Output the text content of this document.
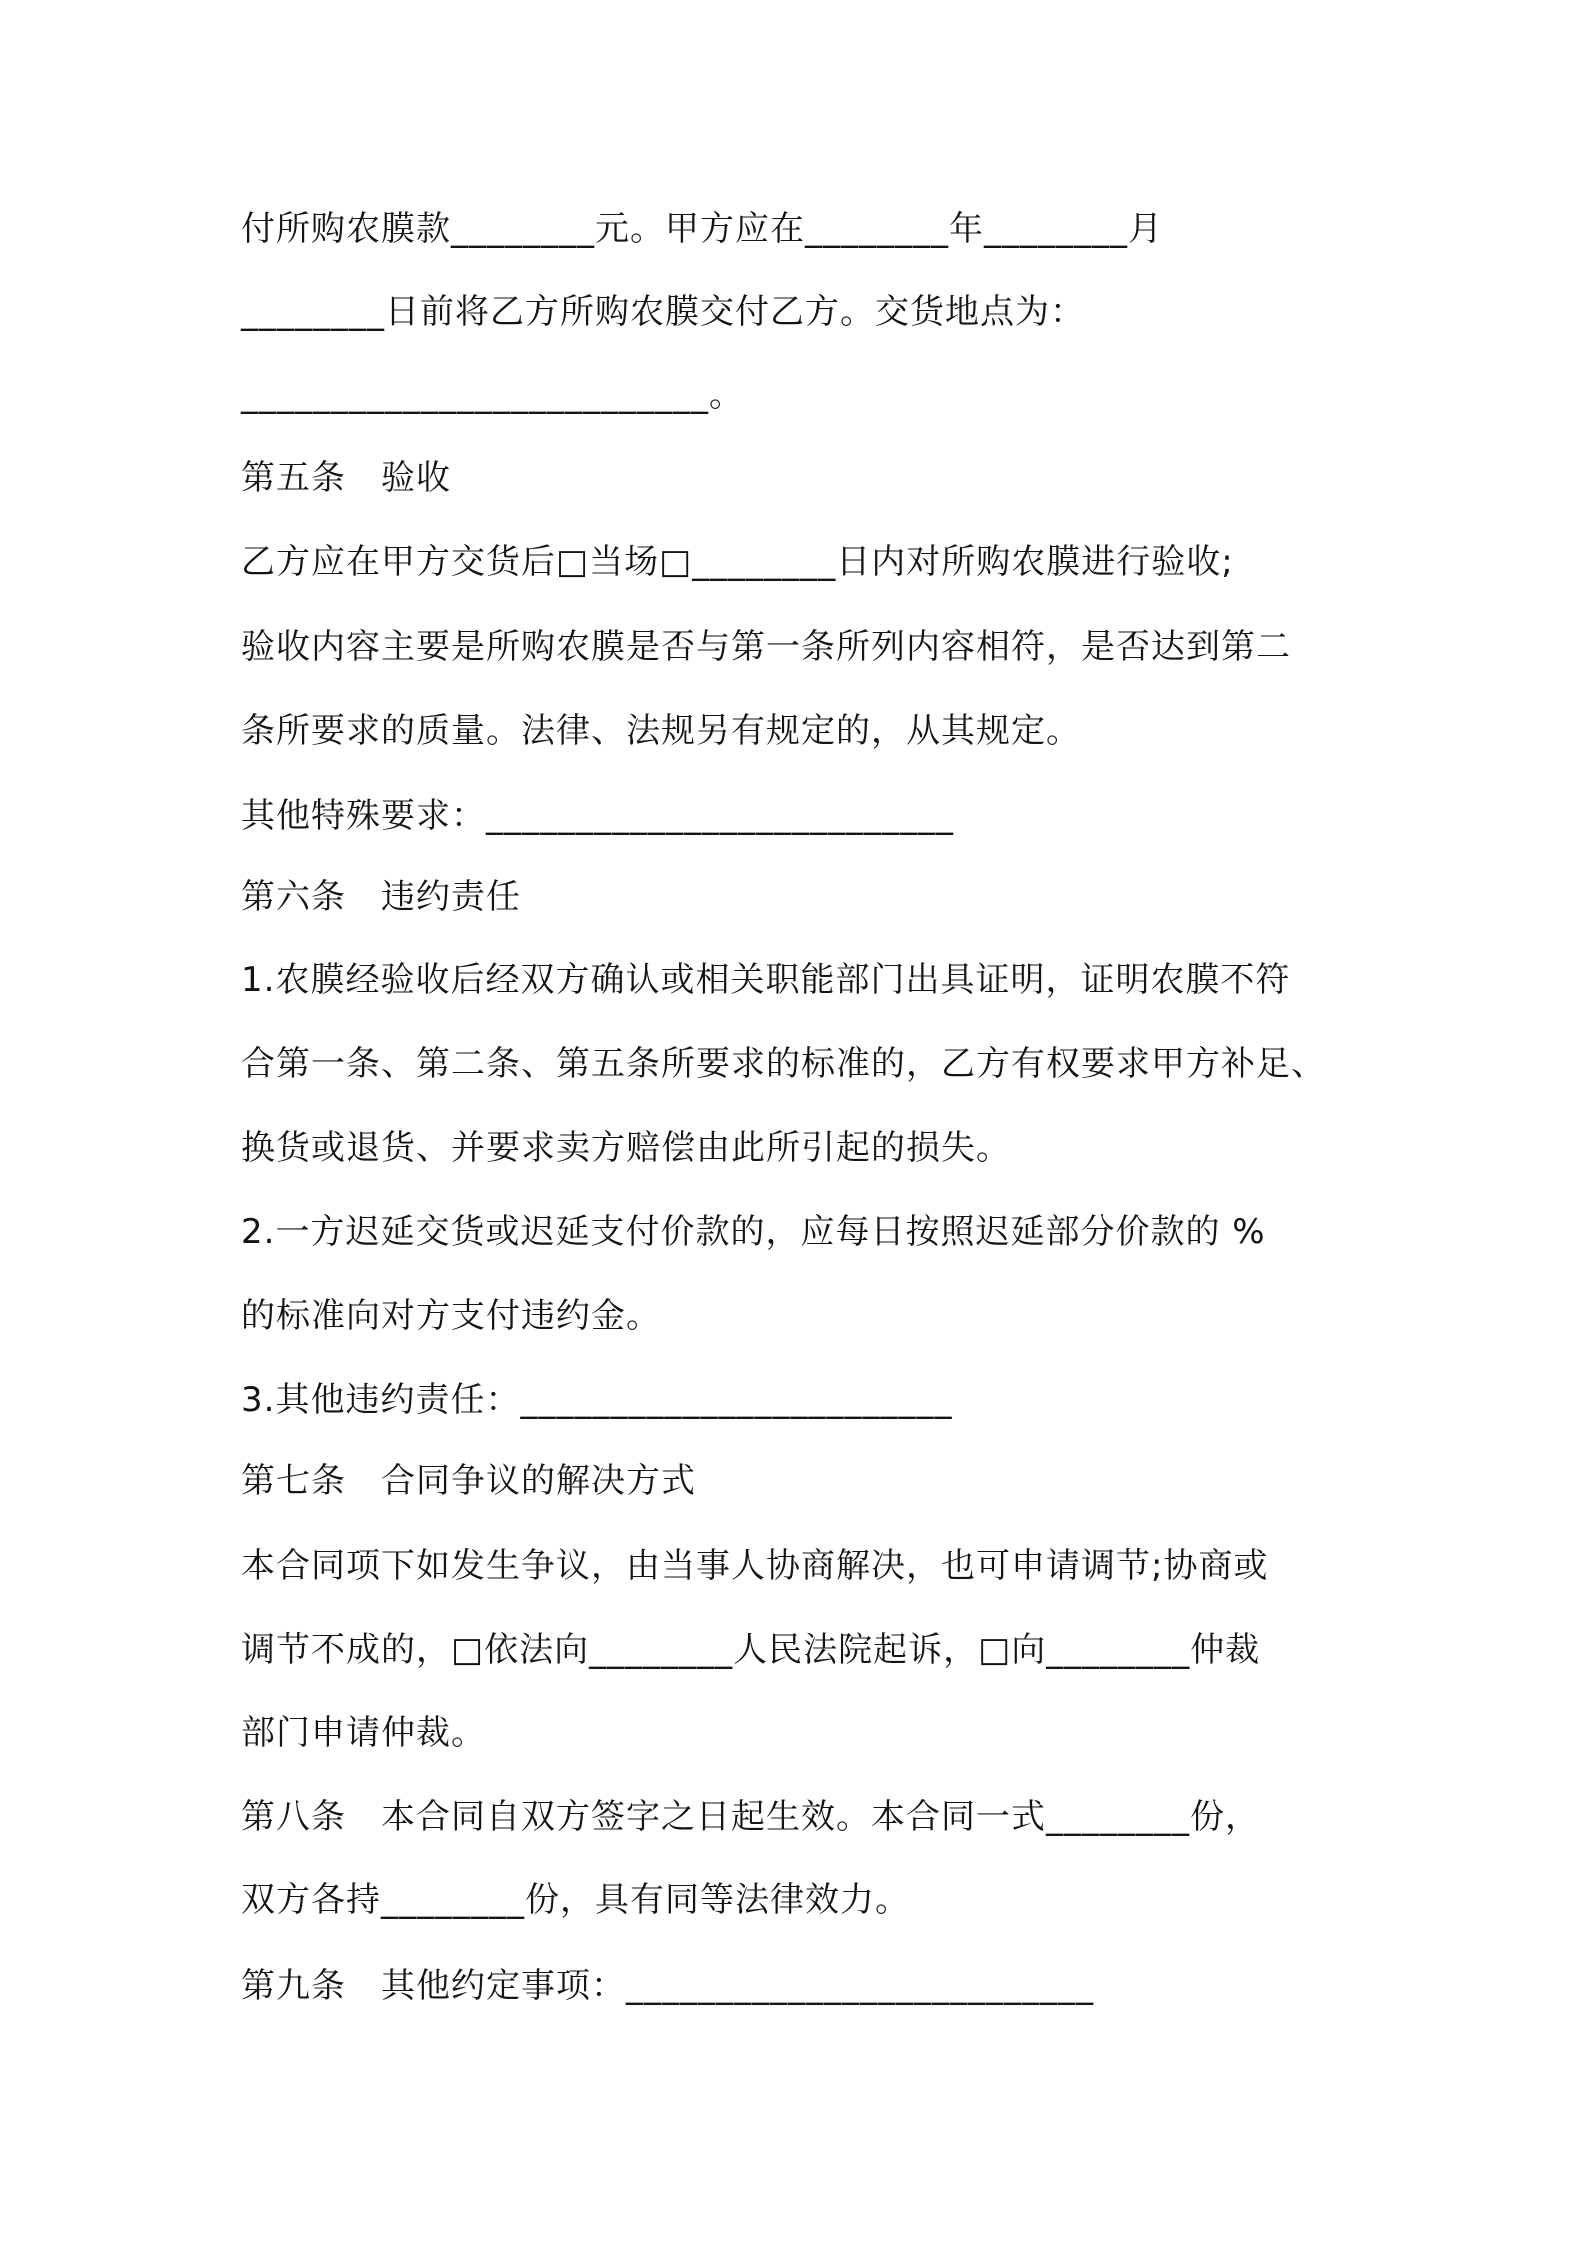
付所购农膜款________元。甲方应在________年________月
________日前将乙方所购农膜交付乙方。交货地点为：
__________________________。
第五条　验收
乙方应在甲方交货后□当场□________日内对所购农膜进行验收;
验收内容主要是所购农膜是否与第一条所列内容相符，是否达到第二
条所要求的质量。法律、法规另有规定的，从其规定。
其他特殊要求：__________________________
第六条　违约责任
1.农膜经验收后经双方确认或相关职能部门出具证明，证明农膜不符
合第一条、第二条、第五条所要求的标准的，乙方有权要求甲方补足、
换货或退货、并要求卖方赔偿由此所引起的损失。
2.一方迟延交货或迟延支付价款的，应每日按照迟延部分价款的 %
的标准向对方支付违约金。
3.其他违约责任：________________________
第七条　合同争议的解决方式
本合同项下如发生争议，由当事人协商解决，也可申请调节;协商或
调节不成的，□依法向________人民法院起诉，□向________仲裁
部门申请仲裁。
第八条　本合同自双方签字之日起生效。本合同一式________份，
双方各持________份，具有同等法律效力。
第九条　其他约定事项：__________________________
